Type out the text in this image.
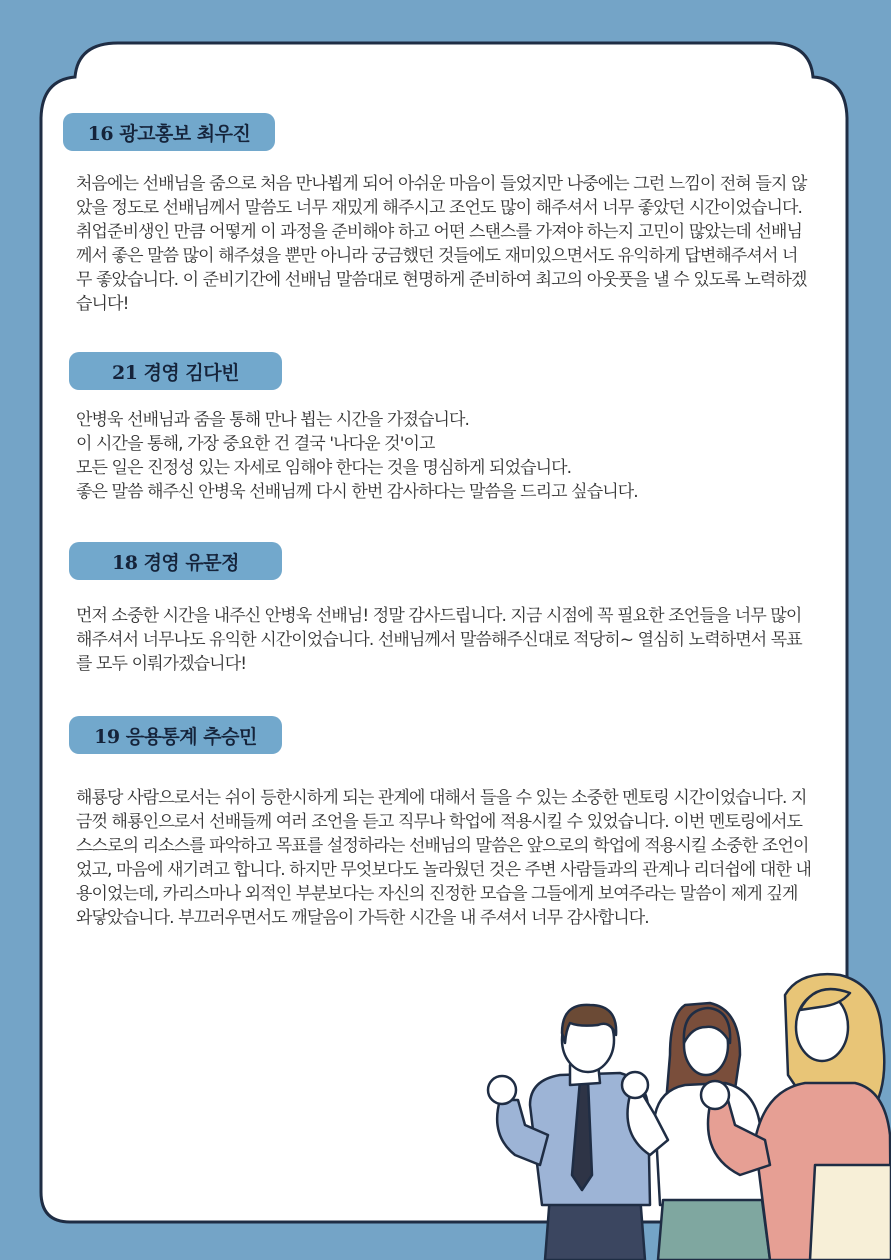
16 광고홍보 최우진

처음에는 선배님을 줌으로 처음 만나뵙게 되어 아쉬운 마음이 들었지만 나중에는 그런 느낌이 전혀 들지 않았을 정도로 선배님께서 말씀도 너무 재밌게 해주시고 조언도 많이 해주셔서 너무 좋았던 시간이었습니다. 취업준비생인 만큼 어떻게 이 과정을 준비해야 하고 어떤 스탠스를 가져야 하는지 고민이 많았는데 선배님께서 좋은 말씀 많이 해주셨을 뿐만 아니라 궁금했던 것들에도 재미있으면서도 유익하게 답변해주셔서 너무 좋았습니다. 이 준비기간에 선배님 말씀대로 현명하게 준비하여 최고의 아웃풋을 낼 수 있도록 노력하겠습니다!

21 경영 김다빈
안병욱 선배님과 줌을 통해 만나 뵙는 시간을 가졌습니다.
이 시간을 통해, 가장 중요한 건 결국 '나다운 것'이고
모든 일은 진정성 있는 자세로 임해야 한다는 것을 명심하게 되었습니다.
좋은 말씀 해주신 안병욱 선배님께 다시 한번 감사하다는 말씀을 드리고 싶습니다.
18 경영 유문정

먼저 소중한 시간을 내주신 안병욱 선배님! 정말 감사드립니다. 지금 시점에 꼭 필요한 조언들을 너무 많이 해주셔서 너무나도 유익한 시간이었습니다. 선배님께서 말씀해주신대로 적당히~ 열심히 노력하면서 목표를 모두 이뤄가겠습니다!

19 응용통계 추승민

해룡당 사람으로서는 쉬이 등한시하게 되는 관계에 대해서 들을 수 있는 소중한 멘토링 시간이었습니다. 지금껏 해룡인으로서 선배들께 여러 조언을 듣고 직무나 학업에 적용시킬 수 있었습니다. 이번 멘토링에서도 스스로의 리소스를 파악하고 목표를 설정하라는 선배님의 말씀은 앞으로의 학업에 적용시킬 소중한 조언이었고, 마음에 새기려고 합니다. 하지만 무엇보다도 놀라웠던 것은 주변 사람들과의 관계나 리더쉽에 대한 내용이었는데, 카리스마나 외적인 부분보다는 자신의 진정한 모습을 그들에게 보여주라는 말씀이 제게 깊게 와닿았습니다. 부끄러우면서도 깨달음이 가득한 시간을 내 주셔서 너무 감사합니다.
